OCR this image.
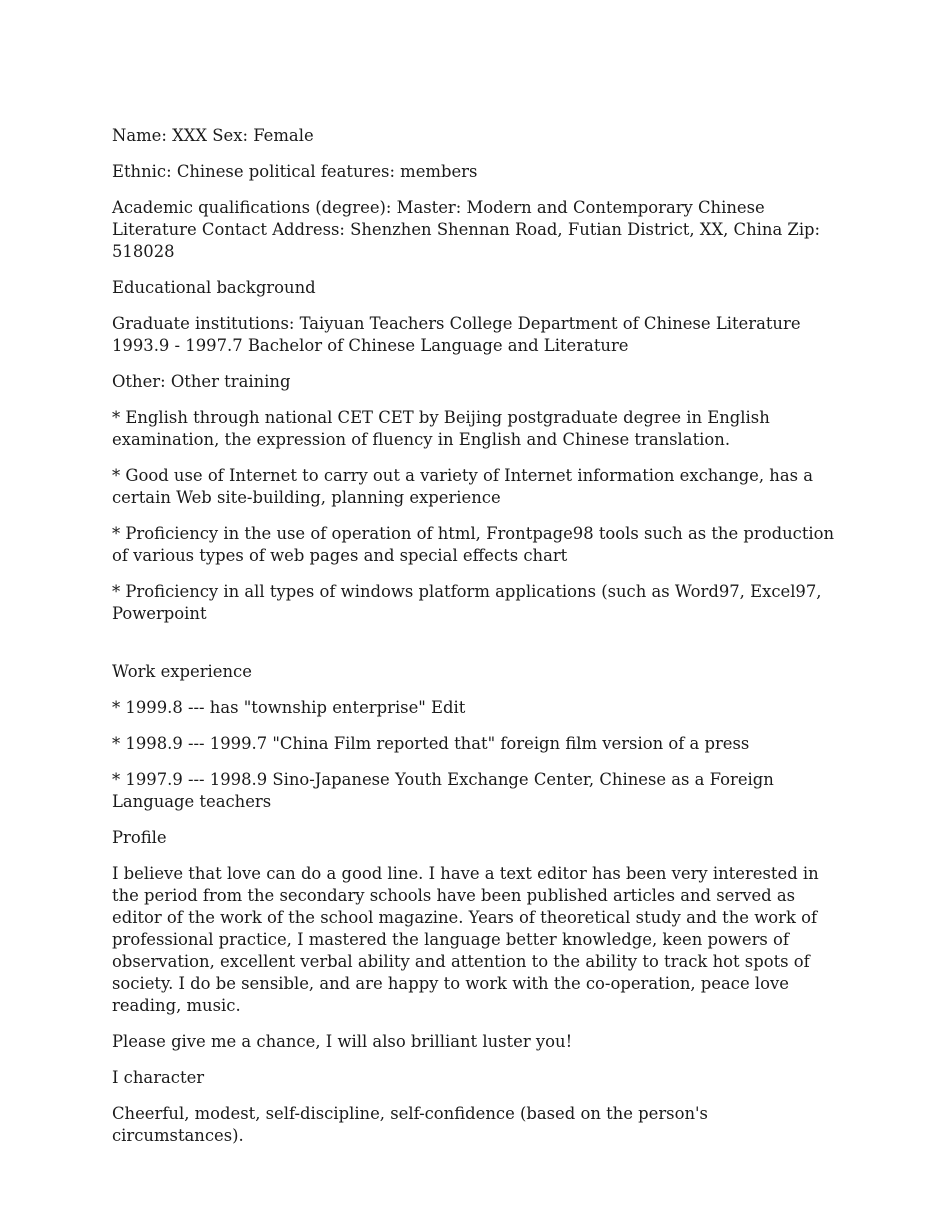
Name: XXX Sex: Female

Ethnic: Chinese political features: members

Academic qualifications (degree): Master: Modern and Contemporary Chinese Literature Contact Address: Shenzhen Shennan Road, Futian District, XX, China Zip: 518028

Educational background

Graduate institutions: Taiyuan Teachers College Department of Chinese Literature 1993.9 - 1997.7 Bachelor of Chinese Language and Literature

Other: Other training

* English through national CET CET by Beijing postgraduate degree in English examination, the expression of fluency in English and Chinese translation.

* Good use of Internet to carry out a variety of Internet information exchange, has a certain Web site-building, planning experience

* Proficiency in the use of operation of html, Frontpage98 tools such as the production of various types of web pages and special effects chart

* Proficiency in all types of windows platform applications (such as Word97, Excel97, Powerpoint

Work experience

* 1999.8 --- has "township enterprise" Edit

* 1998.9 --- 1999.7 "China Film reported that" foreign film version of a press

* 1997.9 --- 1998.9 Sino-Japanese Youth Exchange Center, Chinese as a Foreign Language teachers

Profile

I believe that love can do a good line. I have a text editor has been very interested in the period from the secondary schools have been published articles and served as editor of the work of the school magazine. Years of theoretical study and the work of professional practice, I mastered the language better knowledge, keen powers of observation, excellent verbal ability and attention to the ability to track hot spots of society. I do be sensible, and are happy to work with the co-operation, peace love reading, music.

Please give me a chance, I will also brilliant luster you!

I character

Cheerful, modest, self-discipline, self-confidence (based on the person's circumstances).
